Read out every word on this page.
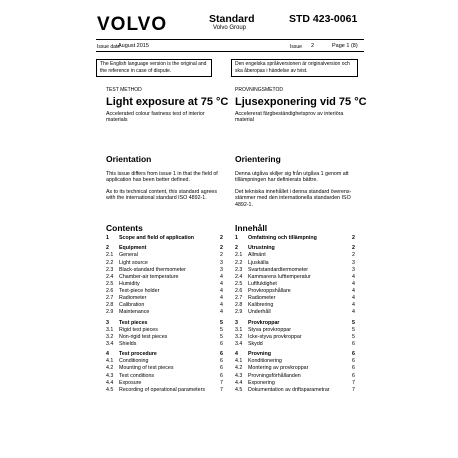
VOLVO	Standard
Volvo Group
STD 423-0061
Issue date
August 2015	Issue 2	Page 1 (8)
The English language version is the original and the reference in case of dispute.
Den engelska språkversionen är originalversion och ska åberopas i händelse av tvist.
TEST METHOD	PROVNINGSMETOD
Light exposure at 75 °C Ljusexponering vid 75 °C
Accelerated colour fastness test of interior materials
Accelererat färgbeständighetsprov av interiöra material
Orientation	Orientering
This issue differs from issue 1 in that the field of application has been better defined.
Denna utgåva skiljer sig från utgåva 1 genom att tillämpningen har definierats bättre.
As to its technical content, this standard agrees with the international standard ISO 4892-1.
Det tekniska innehållet i denna standard överens-stämmer med den internationella standarden ISO 4892-1.
Contents	Innehåll
1 Scope and field of application	2
2 Equipment	2
2.1 General	2
2.2 Light source	3
2.3 Black-standard thermometer	3
2.4 Chamber-air temperature	4
2.5 Humidity	4
2.6 Test-piece holder	4
2.7 Radiometer	4
2.8 Calibration	4
2.9 Maintenance	4
3 Test pieces	5
3.1 Rigid test pieces	5
3.2 Non-rigid test pieces	5
3.4 Shields	6
4 Test procedure	6
4.1 Conditioning	6
4.2 Mounting of test pieces	6
4.3 Test conditions	6
4.4 Exposure	7
4.5 Recording of operational parameters	7
1 Omfattning och tillämpning	2
2 Utrustning	2
2.1 Allmänt	2
2.2 Ljuskälla	3
2.3 Svartstandardtermometer	3
2.4 Kammarens lufttemperatur	4
2.5 Luftfuktighet	4
2.6 Provkroppshållare	4
2.7 Radiometer	4
2.8 Kalibrering	4
2.9 Underhåll	4
3 Provkroppar	5
3.1 Styva provkroppar	5
3.2 Icke-styva provkroppar	5
3.4 Skydd	6
4 Provning	6
4.1 Konditionering	6
4.2 Montering av provkroppar	6
4.3 Provningsförhållanden	6
4.4 Exponering	7
4.5 Dokumentation av driftsparametrar	7
